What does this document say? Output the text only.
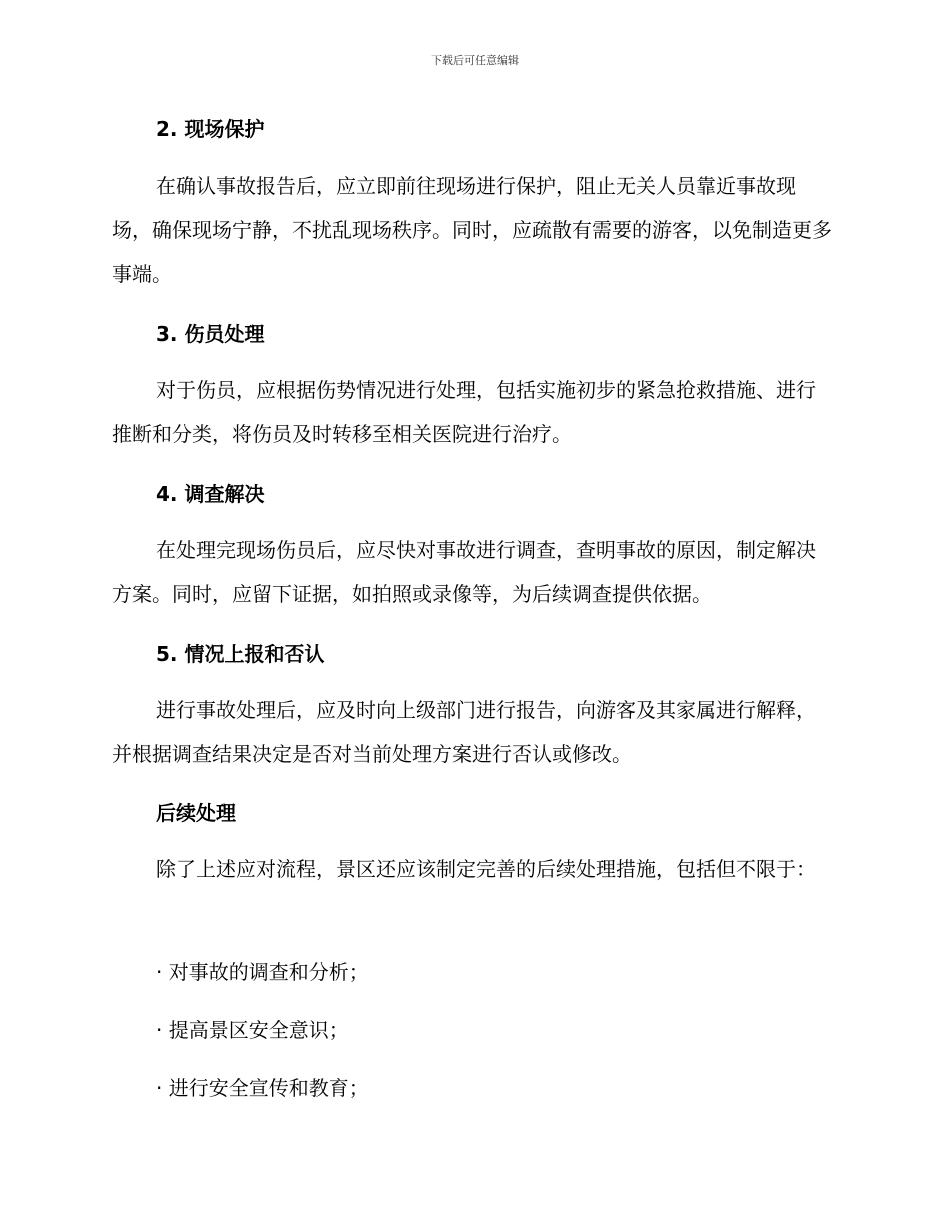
下载后可任意编辑
2. 现场保护

在确认事故报告后，应立即前往现场进行保护，阻止无关人员靠近事故现场，确保现场宁静，不扰乱现场秩序。同时，应疏散有需要的游客，以免制造更多事端。

3. 伤员处理

对于伤员，应根据伤势情况进行处理，包括实施初步的紧急抢救措施、进行推断和分类，将伤员及时转移至相关医院进行治疗。

4. 调查解决

在处理完现场伤员后，应尽快对事故进行调查，查明事故的原因，制定解决方案。同时，应留下证据，如拍照或录像等，为后续调查提供依据。

5. 情况上报和否认

进行事故处理后，应及时向上级部门进行报告，向游客及其家属进行解释，并根据调查结果决定是否对当前处理方案进行否认或修改。

后续处理

除了上述应对流程，景区还应该制定完善的后续处理措施，包括但不限于：

· 对事故的调查和分析；
· 提高景区安全意识；
· 进行安全宣传和教育；
